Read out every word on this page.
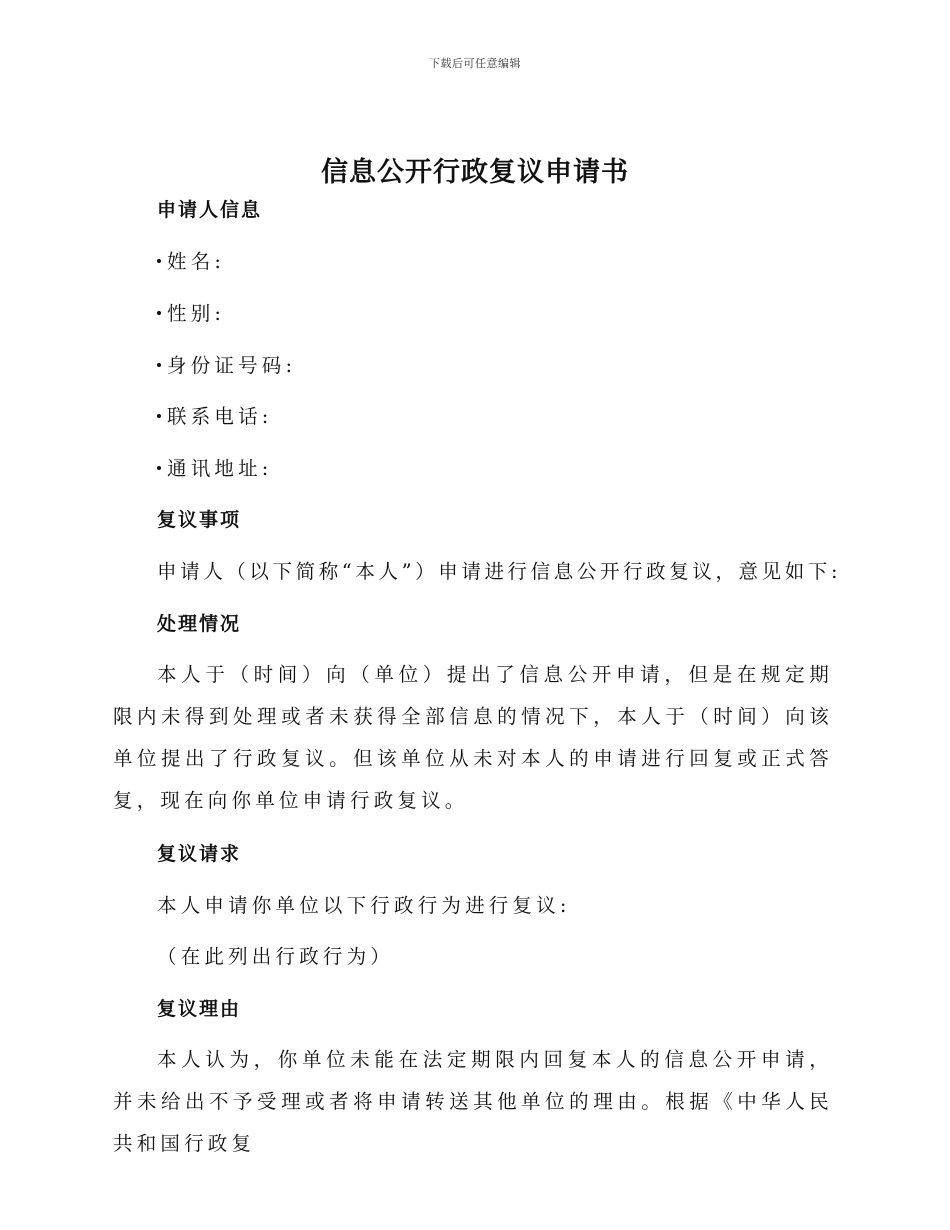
下载后可任意编辑
信息公开行政复议申请书
申请人信息
姓名:
性别:
身份证号码:
联系电话:
通讯地址:
复议事项
申请人（以下简称“本人”）申请进行信息公开行政复议，意见如下:
处理情况
本人于（时间）向（单位）提出了信息公开申请，但是在规定期限内未得到处理或者未获得全部信息的情况下，本人于（时间）向该单位提出了行政复议。但该单位从未对本人的申请进行回复或正式答复，现在向你单位申请行政复议。
复议请求
本人申请你单位以下行政行为进行复议:
（在此列出行政行为）
复议理由
本人认为，你单位未能在法定期限内回复本人的信息公开申请，并未给出不予受理或者将申请转送其他单位的理由。根据《中华人民共和国行政复
